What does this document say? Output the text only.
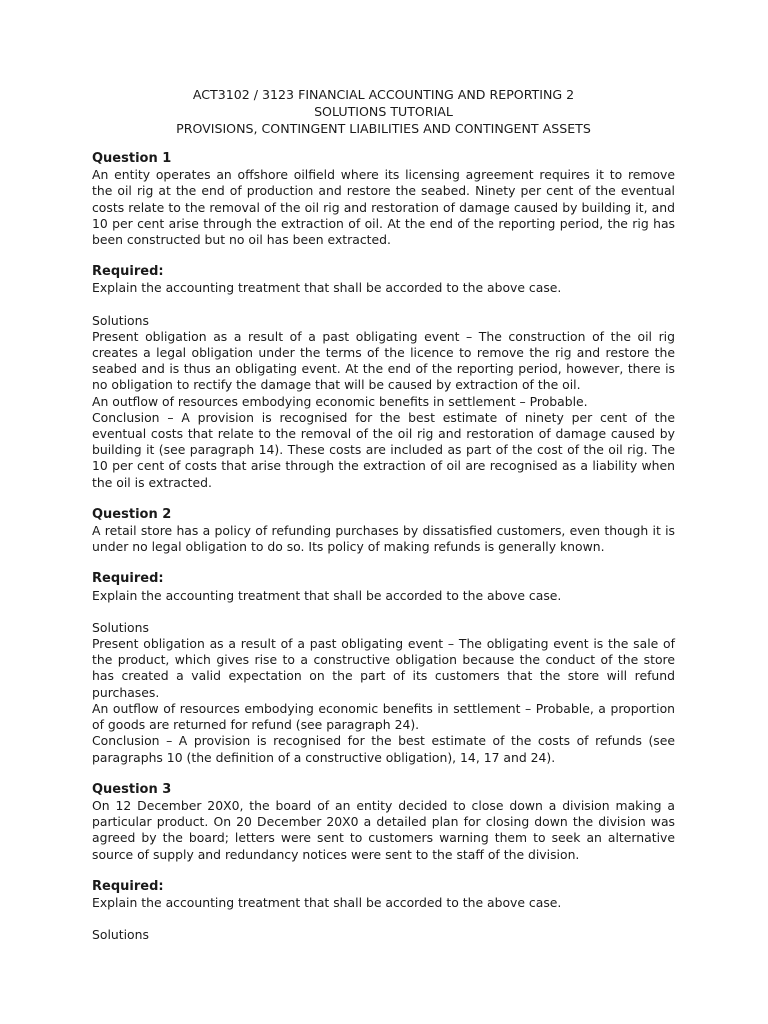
ACT3102 / 3123 FINANCIAL ACCOUNTING AND REPORTING 2
SOLUTIONS TUTORIAL
PROVISIONS, CONTINGENT LIABILITIES AND CONTINGENT ASSETS
Question 1

An entity operates an offshore oilfield where its licensing agreement requires it to remove the oil rig at the end of production and restore the seabed. Ninety per cent of the eventual costs relate to the removal of the oil rig and restoration of damage caused by building it, and 10 per cent arise through the extraction of oil. At the end of the reporting period, the rig has been constructed but no oil has been extracted.

Required:

Explain the accounting treatment that shall be accorded to the above case.

Solutions

Present obligation as a result of a past obligating event – The construction of the oil rig creates a legal obligation under the terms of the licence to remove the rig and restore the seabed and is thus an obligating event. At the end of the reporting period, however, there is no obligation to rectify the damage that will be caused by extraction of the oil.

An outflow of resources embodying economic benefits in settlement – Probable.

Conclusion – A provision is recognised for the best estimate of ninety per cent of the eventual costs that relate to the removal of the oil rig and restoration of damage caused by building it (see paragraph 14). These costs are included as part of the cost of the oil rig. The 10 per cent of costs that arise through the extraction of oil are recognised as a liability when the oil is extracted.

Question 2

A retail store has a policy of refunding purchases by dissatisfied customers, even though it is under no legal obligation to do so. Its policy of making refunds is generally known.

Required:

Explain the accounting treatment that shall be accorded to the above case.

Solutions

Present obligation as a result of a past obligating event – The obligating event is the sale of the product, which gives rise to a constructive obligation because the conduct of the store has created a valid expectation on the part of its customers that the store will refund purchases.

An outflow of resources embodying economic benefits in settlement – Probable, a proportion of goods are returned for refund (see paragraph 24).

Conclusion – A provision is recognised for the best estimate of the costs of refunds (see paragraphs 10 (the definition of a constructive obligation), 14, 17 and 24).

Question 3

On 12 December 20X0, the board of an entity decided to close down a division making a particular product. On 20 December 20X0 a detailed plan for closing down the division was agreed by the board; letters were sent to customers warning them to seek an alternative source of supply and redundancy notices were sent to the staff of the division.

Required:

Explain the accounting treatment that shall be accorded to the above case.

Solutions
